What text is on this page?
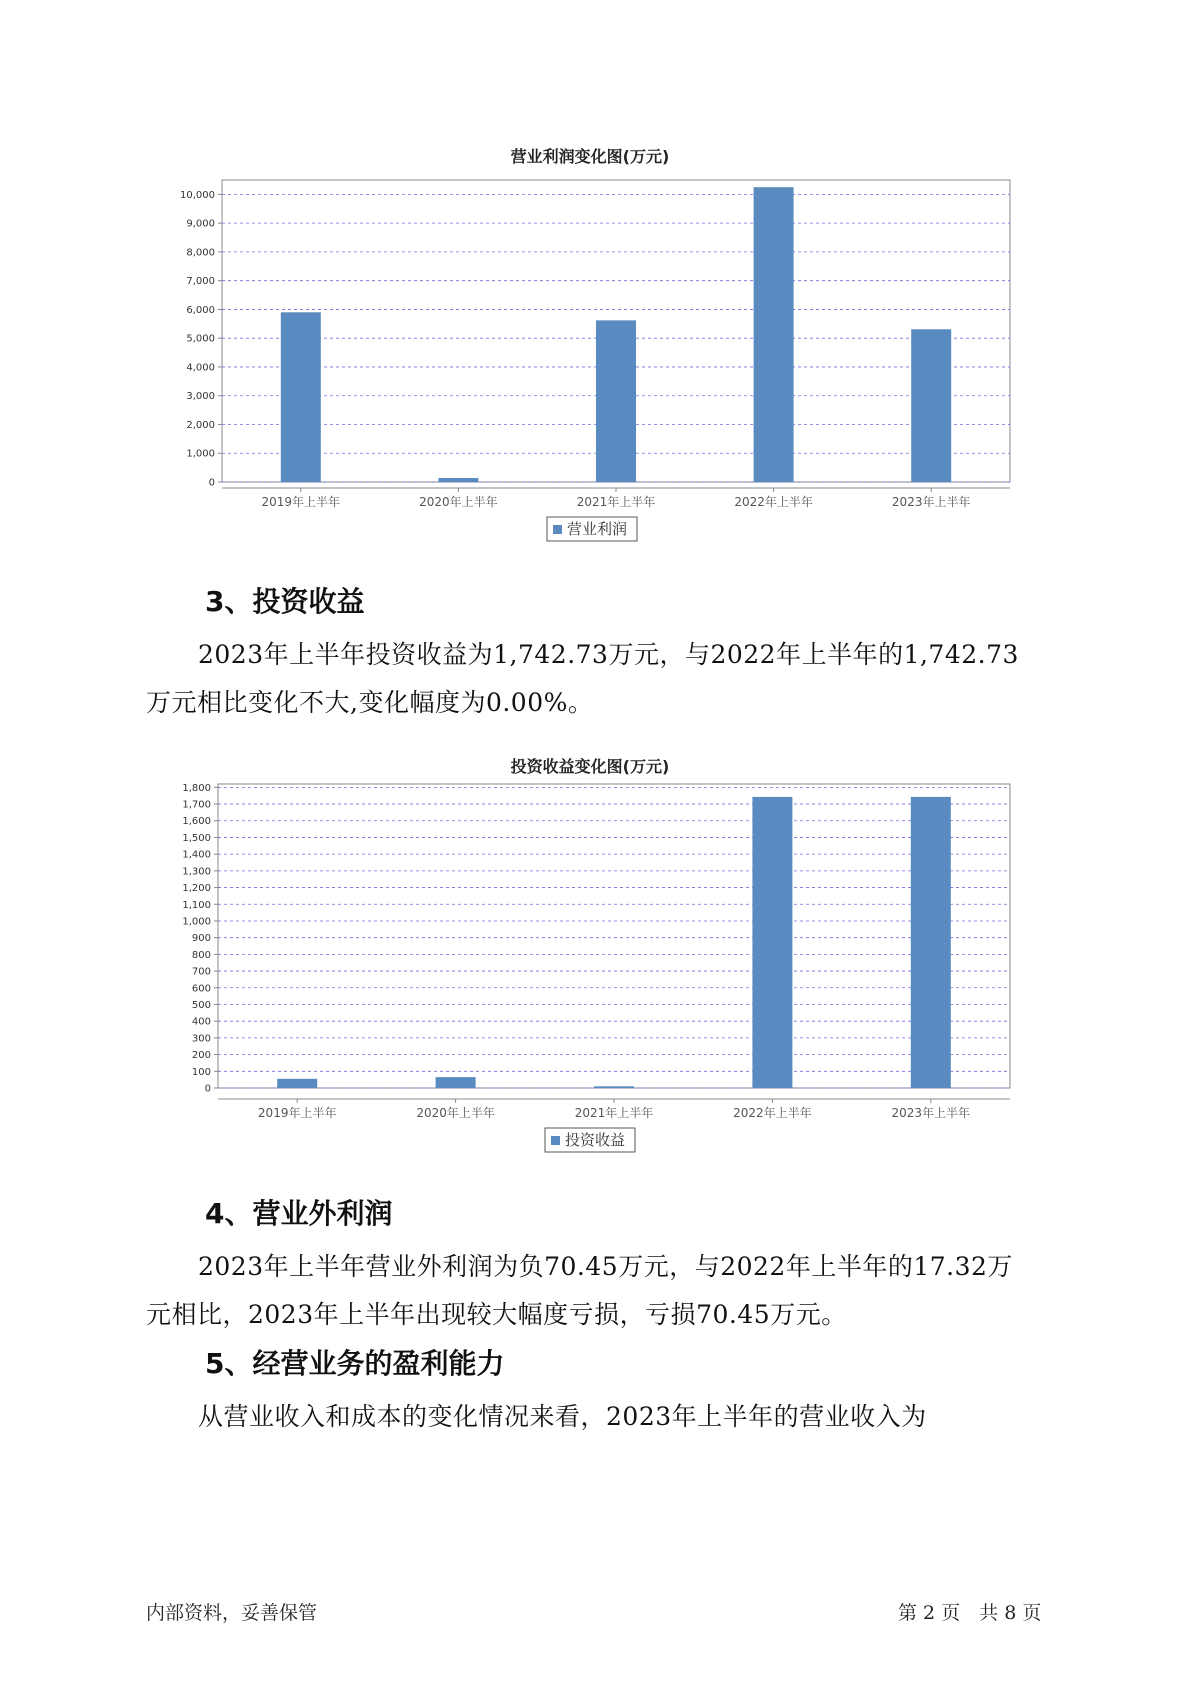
营业利润变化图(万元)
0
1,000
2,000
3,000
4,000
5,000
6,000
7,000
8,000
9,000
10,000
2019年上半年	2020年上半年	2021年上半年	2022年上半年	2023年上半年
营业利润
3、投资收益
2023年上半年投资收益为1,742.73万元，与2022年上半年的1,742.73
万元相比变化不大,变化幅度为0.00%。
投资收益变化图(万元)
0
100
200
300
400
500
600
700
800
900
1,000
1,100
1,200
1,300
1,400
1,500
1,600
1,700
1,800
2019年上半年	2020年上半年	2021年上半年	2022年上半年	2023年上半年
投资收益
4、营业外利润
2023年上半年营业外利润为负70.45万元，与2022年上半年的17.32万
元相比，2023年上半年出现较大幅度亏损，亏损70.45万元。
5、经营业务的盈利能力
从营业收入和成本的变化情况来看，2023年上半年的营业收入为
内部资料，妥善保管	第 2 页　共 8 页
